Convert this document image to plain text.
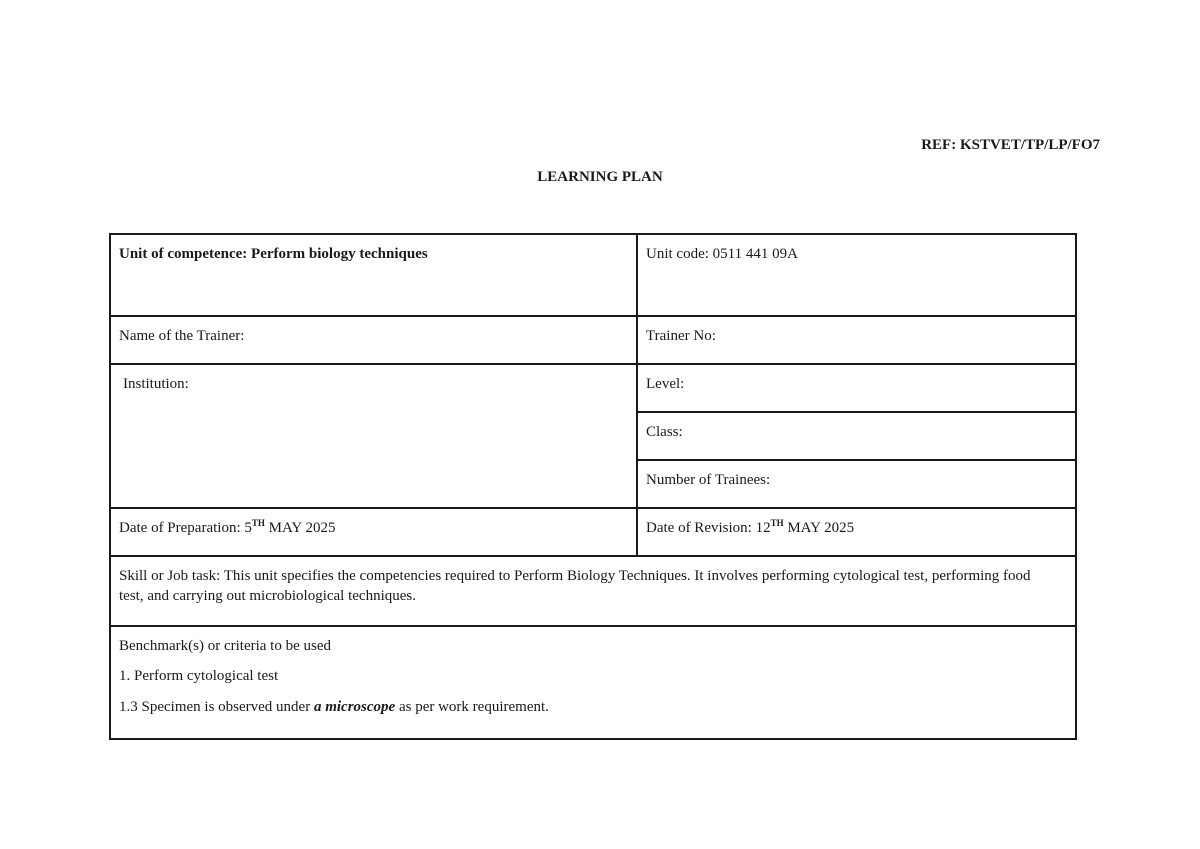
REF: KSTVET/TP/LP/FO7
LEARNING PLAN
Unit of competence: Perform biology techniques	Unit code: 0511 441 09A
Name of the Trainer:	Trainer No:
Institution:	Level:
	Class:
	Number of Trainees:
Date of Preparation: 5TH MAY 2025	Date of Revision: 12TH MAY 2025
Skill or Job task: This unit specifies the competencies required to Perform Biology Techniques. It involves performing cytological test, performing food test, and carrying out microbiological techniques.	

Benchmark(s) or criteria to be used
1. Perform cytological test
1.3 Specimen is observed under a microscope as per work requirement.	
